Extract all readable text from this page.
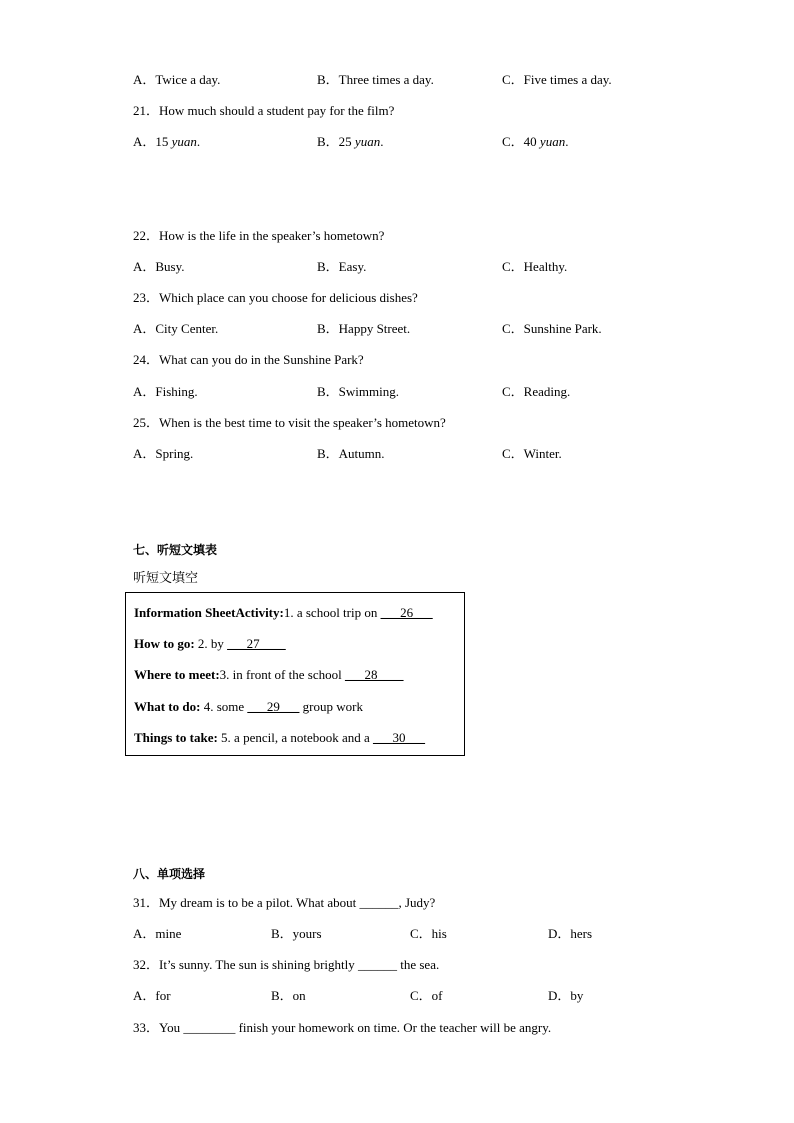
A．Twice a day.	B．Three times a day.	C．Five times a day.
21．How much should a student pay for the film?
A．15 yuan.	B．25 yuan.	C．40 yuan.
22．How is the life in the speaker’s hometown?
A．Busy.	B．Easy.	C．Healthy.
23．Which place can you choose for delicious dishes?
A．City Center.	B．Happy Street.	C．Sunshine Park.
24．What can you do in the Sunshine Park?
A．Fishing.	B．Swimming.	C．Reading.
25．When is the best time to visit the speaker’s hometown?
A．Spring.	B．Autumn.	C．Winter.
七、听短文填表
听短文填空
Information SheetActivity:1. a school trip on ___26___
How to go: 2. by ___27____
Where to meet:3. in front of the school ___28____
What to do: 4. some ___29___ group work
Things to take: 5. a pencil, a notebook and a ___30___
八、单项选择
31．My dream is to be a pilot. What about ______, Judy?
A．mine	B．yours	C．his	D．hers
32．It’s sunny. The sun is shining brightly ______ the sea.
A．for	B．on	C．of	D．by
33．You ________ finish your homework on time. Or the teacher will be angry.
